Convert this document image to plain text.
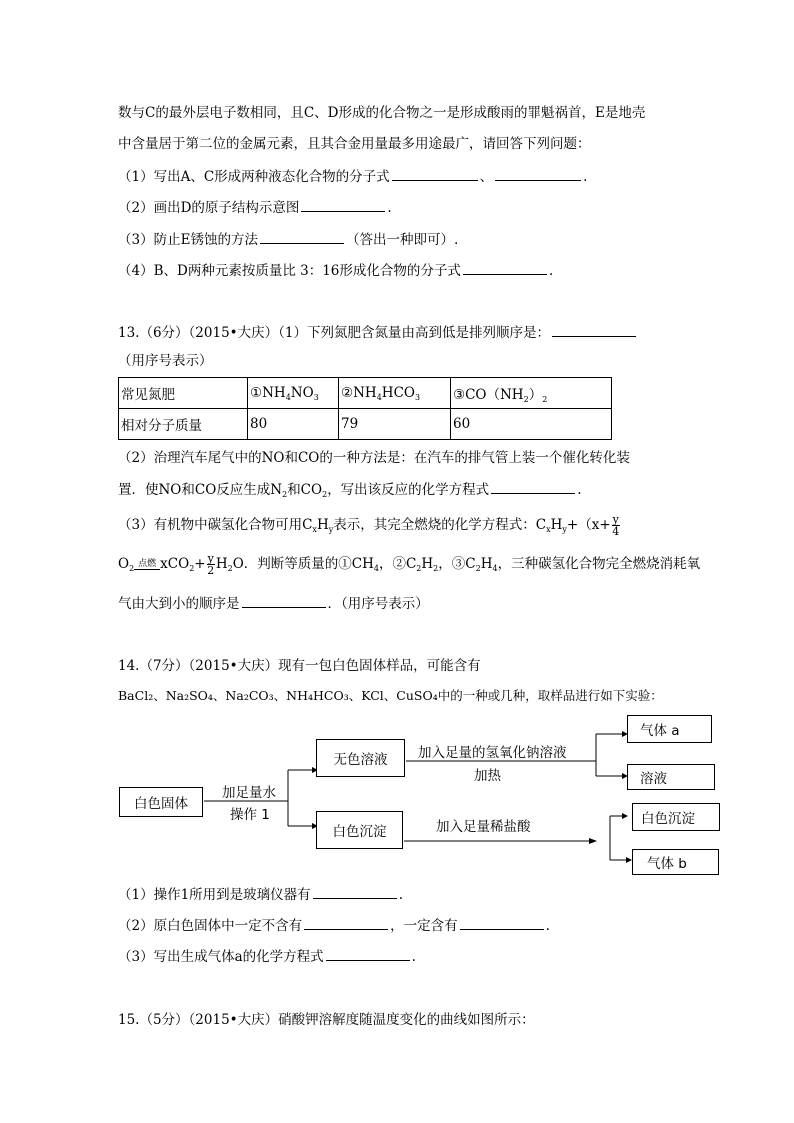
数与C的最外层电子数相同，且C、D形成的化合物之一是形成酸雨的罪魁祸首，E是地壳
中含量居于第二位的金属元素，且其合金用量最多用途最广，请回答下列问题：
（1）写出A、C形成两种液态化合物的分子式	、	.
（2）画出D的原子结构示意图	.
（3）防止E锈蚀的方法	（答出一种即可）.
（4）B、D两种元素按质量比 3：16形成化合物的分子式	.
13.（6分）（2015•大庆）（1）下列氮肥含氮量由高到低是排列顺序是：
（用序号表示）
常见氮肥	$①NH_4NO_3$	$②NH_4HCO_3$	$③CO(NH_2)_2$
相对分子质量	80	79	60
（2）治理汽车尾气中的NO和CO的一种方法是：在汽车的排气管上装一个催化转化装
置．使NO和CO反应生成$N_2$和$CO_2$，写出该反应的化学方程式	.
（3）有机物中碳氢化合物可用$C_xH_y$表示，其完全燃烧的化学方程式：$C_xH_y+(x+ \frac{y}{4}$
$O_2$ 点燃 $xCO_2+ \frac{y}{2} H_2O$．判断等质量的$①CH_4$，$②C_2H_2$，$③C_2H_4$，三种碳氢化合物完全燃烧消耗氧
气由大到小的顺序是	．（用序号表示）
14.（7分）（2015•大庆）现有一包白色固体样品，可能含有
BaCl₂、Na₂SO₄、Na₂CO₃、NH₄HCO₃、KCl、CuSO₄中的一种或几种，取样品进行如下实验：
白色固体
加足量水
操作 1
无色溶液
白色沉淀
加入足量的氢氧化钠溶液
加热
加入足量稀盐酸
气体 a
溶液
白色沉淀
气体 b
（1）操作1所用到是玻璃仪器有	.
（2）原白色固体中一定不含有	，一定含有	.
（3）写出生成气体a的化学方程式	.
15.（5分）（2015•大庆）硝酸钾溶解度随温度变化的曲线如图所示：
